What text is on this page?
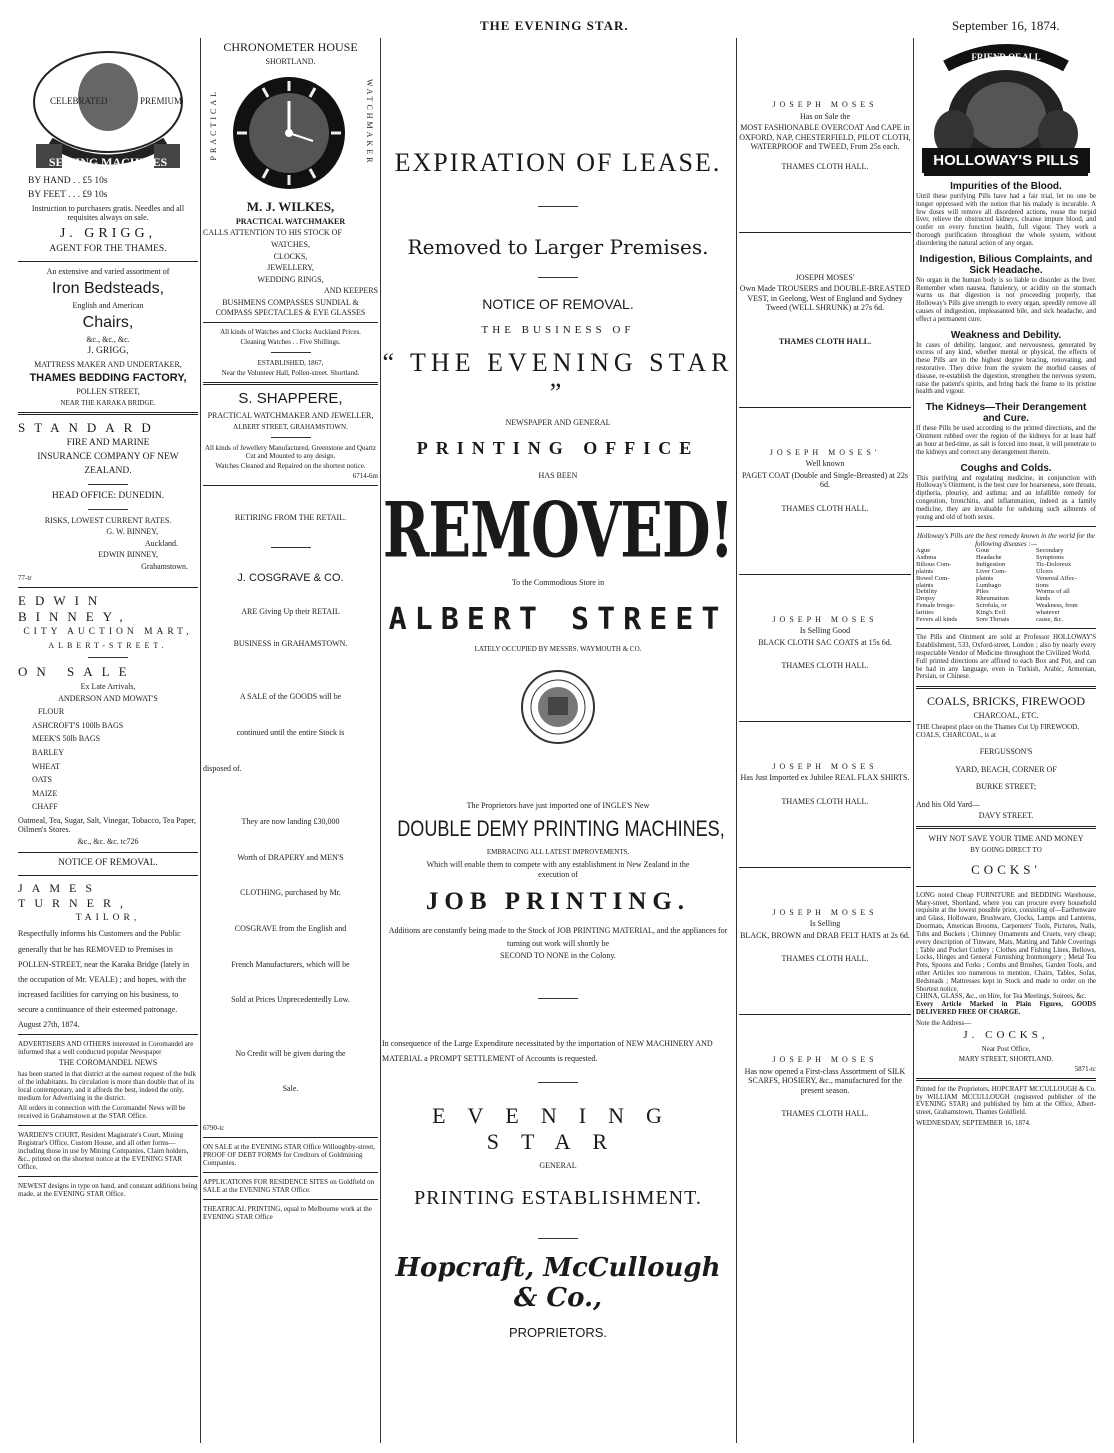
THE EVENING STAR.	September 16, 1874.
SEWING MACHINES
CELEBRATED	PREMIUM
BY HAND . . £5 10s
BY FEET . . . £9 10s
Instruction to purchasers gratis. Needles and all requisites always on sale.
J. GRIGG,
AGENT FOR THE THAMES.
An extensive and varied assortment of
Iron Bedsteads,
English and American
Chairs,
&c., &c., &c.
J. GRIGG,
MATTRESS MAKER AND UNDERTAKER,
THAMES BEDDING FACTORY,
POLLEN STREET,
NEAR THE KARAKA BRIDGE.
STANDARD
FIRE AND MARINE
INSURANCE COMPANY OF NEW
ZEALAND.
HEAD OFFICE: DUNEDIN.
RISKS, LOWEST CURRENT RATES.
G. W. BINNEY,
Auckland.
EDWIN BINNEY,
Grahamstown.
77-tr
EDWIN BINNEY,
CITY AUCTION MART,
ALBERT-STREET.
ON SALE
Ex Late Arrivals,
ANDERSON AND MOWAT'S
FLOUR
ASHCROFT'S 100lb BAGS
MEEK'S 50lb BAGS
BARLEY
WHEAT
OATS
MAIZE
CHAFF
Oatmeal, Tea, Sugar, Salt, Vinegar, Tobacco, Tea Paper, Oilmen's Stores.
&c., &c. &c. tc726
NOTICE OF REMOVAL.
JAMES TURNER,
TAILOR,
Respectfully informs his Customers and the Public generally that he has REMOVED to Premises in POLLEN-STREET, near the Karaka Bridge (lately in the occupation of Mr. VEALE) ; and hopes, with the increased facilities for carrying on his business, to secure a continuance of their esteemed patronage.
August 27th, 1874.
ADVERTISERS AND OTHERS interested in Coromandel are informed that a well conducted popular Newspaper
THE COROMANDEL NEWS
has been started in that district at the earnest request of the bulk of the inhabitants. Its circulation is more than double that of its local contemporary, and it affords the best, indeed the only, medium for Advertising in the district.
All orders in connection with the Coromandel News will be received in Grahamstown at the STAR Office.
WARDEN'S COURT, Resident Magistrate's Court, Mining Registrar's Office, Custom House, and all other forms—including those in use by Mining Companies, Claim holders, &c., printed on the shortest notice at the EVENING STAR Office.
NEWEST designs in type on hand, and constant additions being made, at the EVENING STAR Office.
CHRONOMETER HOUSE
SHORTLAND.
PRACTICAL	WATCHMAKER
M. J. WILKES,
PRACTICAL WATCHMAKER
CALLS ATTENTION TO HIS STOCK OF
WATCHES,
CLOCKS,
JEWELLERY,
WEDDING RINGS,
AND KEEPERS
BUSHMENS COMPASSES SUNDIAL & COMPASS SPECTACLES & EYE GLASSES
All kinds of Watches and Clocks Auckland Prices.
Cleaning Watches . . Five Shillings.
ESTABLISHED, 1867,
Near the Volunteer Hall, Pollen-street. Shortland.
S. SHAPPERE,
PRACTICAL WATCHMAKER AND JEWELLER,
ALBERT STREET, GRAHAMSTOWN.
All kinds of Jewellery Manufactured, Greenstone and Quartz Cut and Mounted to any design.
Watches Cleaned and Repaired on the shortest notice.
6714-6m
RETIRING FROM THE RETAIL.
J. COSGRAVE & CO.
ARE Giving Up their RETAIL
BUSINESS in GRAHAMSTOWN.
A SALE of the GOODS will be
continued until the entire Stock is
disposed of.
They are now landing £30,000
Worth of DRAPERY and MEN'S
CLOTHING, purchased by Mr.
COSGRAVE from the English and
French Manufacturers, which will be
Sold at Prices Unprecedentedly Low.
No Credit will be given during the
Sale.
6790-tc
ON SALE at the EVENING STAR Office Willoughby-street, PROOF OF DEBT FORMS for Creditors of Goldmining Companies.
APPLICATIONS FOR RESIDENCE SITES on Goldfield on SALE at the EVENING STAR Office.
THEATRICAL PRINTING, equal to Melbourne work at the EVENING STAR Office
EXPIRATION OF LEASE.
Removed to Larger Premises.
NOTICE OF REMOVAL.
THE BUSINESS OF
“ THE EVENING STAR ”
NEWSPAPER AND GENERAL
PRINTING OFFICE
HAS BEEN
REMOVED!
To the Commodious Store in
ALBERT STREET
LATELY OCCUPIED BY MESSRS. WAYMOUTH & CO.
The Proprietors have just imported one of INGLE'S New
DOUBLE DEMY PRINTING MACHINES,
EMBRACING ALL LATEST IMPROVEMENTS,
Which will enable them to compete with any establishment in New Zealand in the
execution of
JOB PRINTING.
Additions are constantly being made to the Stock of JOB PRINTING MATERIAL, and the appliances for turning out work will shortly be
SECOND TO NONE in the Colony.
In consequence of the Large Expenditure necessitated by the importation of NEW MACHINERY AND MATERIAL a PROMPT SETTLEMENT of Accounts is requested.
EVENING STAR
GENERAL
PRINTING ESTABLISHMENT.
Hopcraft, McCullough & Co.,
PROPRIETORS.
JOSEPH MOSES
Has on Sale the
MOST FASHIONABLE OVERCOAT And CAPE in OXFORD, NAP, CHESTERFIELD, PILOT CLOTH, WATERPROOF and TWEED, From 25s each.
THAMES CLOTH HALL.
JOSEPH MOSES'
Own Made TROUSERS and DOUBLE-BREASTED VEST, in Geelong, West of England and Sydney Tweed (WELL SHRUNK) at 27s 6d.
THAMES CLOTH HALL.
JOSEPH MOSES'
Well known
PAGET COAT (Double and Single-Breasted) at 22s 6d.
THAMES CLOTH HALL.
JOSEPH MOSES
Is Selling Good
BLACK CLOTH SAC COATS at 15s 6d.
THAMES CLOTH HALL.
JOSEPH MOSES
Has Just Imported ex Jubilee REAL FLAX SHIRTS.
THAMES CLOTH HALL.
JOSEPH MOSES
Is Selling
BLACK, BROWN and DRAB FELT HATS at 2s 6d.
THAMES CLOTH HALL.
JOSEPH MOSES
Has now opened a First-class Assortment of SILK SCARFS, HOSIERY, &c., manufactured for the present season.
THAMES CLOTH HALL.
FRIEND OF ALL
HOLLOWAY'S PILLS
Impurities of the Blood.

Until these purifying Pills have had a fair trial, let no one be longer oppressed with the notion that his malady is incurable. A few doses will remove all disordered actions, rouse the torpid liver, relieve the obstructed kidneys, cleanse impure blood, and confer on every function health, full vigour. They work a thorough purification throughout the whole system, without disordering the natural action of any organ.

Indigestion, Bilious Complaints, and Sick Headache.

No organ in the human body is so liable to disorder as the liver. Remember when nausea, flatulency, or acidity on the stomach warns us that digestion is not proceeding properly, that Holloway's Pills give strength to every organ, speedily remove all causes of indigestion, impleasanted bile, and sick headache, and effect a permanent cure.

Weakness and Debility.

In cases of debility, languor, and nervousness, generated by excess of any kind, whether mental or physical, the effects of these Pills are in the highest degree bracing, renovating, and restorative. They drive from the system the morbid causes of disease, re-establish the digestion, strengthen the nervous system, raise the patient's spirits, and bring back the frame to its pristine health and vigour.

The Kidneys—Their Derangement and Cure.

If these Pills be used according to the printed directions, and the Ointment rubbed over the region of the kidneys for at least half an hour at bed-time, as salt is forced into meat, it will penetrate to the kidneys and correct any derangement therein.

Coughs and Colds.

This purifying and regulating medicine, in conjunction with Holloway's Ointment, is the best cure for hoarseness, sore throats, diptheria, pleurisy, and asthma; and an infallible remedy for congestion, bronchitis, and inflammation, indeed as a family medicine, they are invaluable for subduing such ailments of young and old of both sexes.

Holloway's Pills are the best remedy known in the world for the following diseases :—
Ague	Gout	Secondary
Asthma	Headache	Symptoms
Bilious Com-	Indigestion	Tic-Doloreux
plaints	Liver Com-	Ulcers
Bowel Com-	plaints	Venereal Affec-
plaints	Lumbago	tions
Debility	Piles	Worms of all
Dropsy	Rheumatism	kinds
Female Irregu-	Scrofula, or	Weakness, from
larities	King's Evil	whatever
Fevers all kinds	Sore Throats	cause, &c.

The Pills and Ointment are sold at Professor HOLLOWAY'S Establishment, 533, Oxford-street, London ; also by nearly every respectable Vendor of Medicine throughout the Civilized World.

Full printed directions are affixed to each Box and Pot, and can be had in any language, even in Turkish, Arabic, Armenian, Persian, or Chinese.

COALS, BRICKS, FIREWOOD
CHARCOAL, ETC.
THE Cheapest place on the Thames Cut Up FIREWOOD, COALS, CHARCOAL, is at
FERGUSSON'S
YARD, BEACH, CORNER OF
BURKE STREET;
And his Old Yard—
DAVY STREET.
WHY NOT SAVE YOUR TIME AND MONEY
BY GOING DIRECT TO
COCKS'

LONG noted Cheap FURNITURE and BEDDING Warehouse, Mary-street, Shortland, where you can procure every household requisite at the lowest possible price, consisting of—Earthenware and Glass, Holloware, Brushware, Clocks, Lamps and Lanterns, Doormats, American Brooms, Carpenters' Tools, Pictures, Nails, Tubs and Buckets ; Chimney Ornaments and Cruets, very cheap; every description of Tinware, Mats, Matting and Table Coverings ; Table and Pocket Cutlery ; Clothes and Fishing Lines, Bellows, Locks, Hinges and General Furnishing Ironmongery ; Metal Tea Pots, Spoons and Forks ; Combs and Brushes, Garden Tools, and other Articles too numerous to mention. Chairs, Tables, Sofas, Bedsteads ; Mattresses kept in Stock and made to order on the Shortest notice.

CHINA, GLASS, &c., on Hire, for Tea Meetings, Soirees, &c.

Every Article Marked in Plain Figures, GOODS DELIVERED FREE OF CHARGE.

Note the Address—
J. COCKS,
Near Post Office,
MARY STREET, SHORTLAND.
5871-tc

Printed for the Proprietors, HOPCRAFT MCCULLOUGH & Co. by WILLIAM MCCULLOUGH (registered publisher of the EVENING STAR) and published by him at the Office, Albert-street, Grahamstown, Thames Goldfield.

WEDNESDAY, SEPTEMBER 16, 1874.
